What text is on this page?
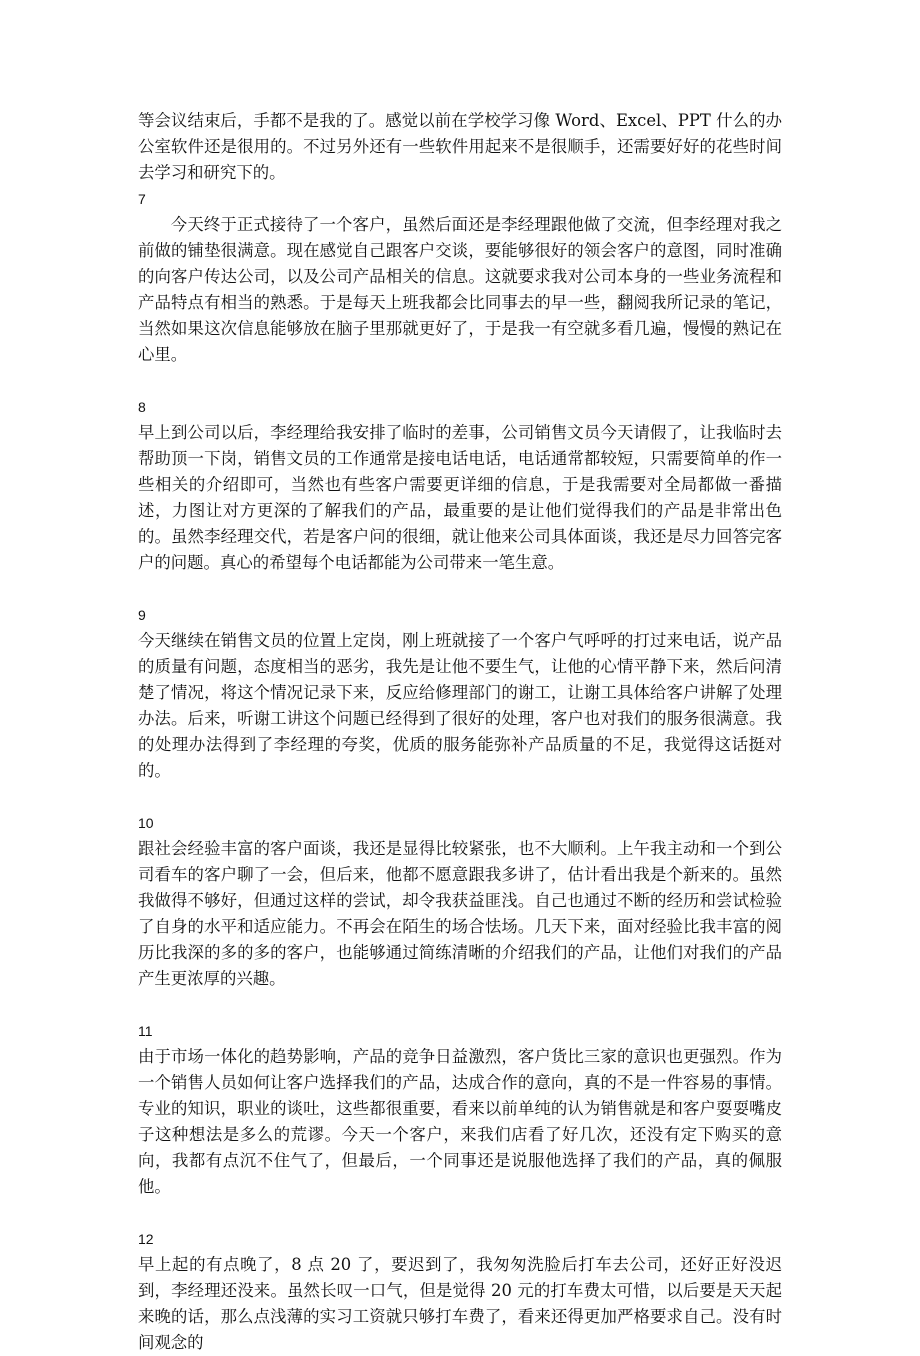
等会议结束后，手都不是我的了。感觉以前在学校学习像 Word、Excel、PPT 什么的办公室软件还是很用的。不过另外还有一些软件用起来不是很顺手，还需要好好的花些时间去学习和研究下的。

7

今天终于正式接待了一个客户，虽然后面还是李经理跟他做了交流，但李经理对我之前做的铺垫很满意。现在感觉自己跟客户交谈，要能够很好的领会客户的意图，同时准确的向客户传达公司，以及公司产品相关的信息。这就要求我对公司本身的一些业务流程和产品特点有相当的熟悉。于是每天上班我都会比同事去的早一些，翻阅我所记录的笔记，当然如果这次信息能够放在脑子里那就更好了，于是我一有空就多看几遍，慢慢的熟记在心里。

8

早上到公司以后，李经理给我安排了临时的差事，公司销售文员今天请假了，让我临时去帮助顶一下岗，销售文员的工作通常是接电话电话，电话通常都较短，只需要简单的作一些相关的介绍即可，当然也有些客户需要更详细的信息，于是我需要对全局都做一番描述，力图让对方更深的了解我们的产品，最重要的是让他们觉得我们的产品是非常出色的。虽然李经理交代，若是客户问的很细，就让他来公司具体面谈，我还是尽力回答完客户的问题。真心的希望每个电话都能为公司带来一笔生意。

9

今天继续在销售文员的位置上定岗，刚上班就接了一个客户气呼呼的打过来电话，说产品的质量有问题，态度相当的恶劣，我先是让他不要生气，让他的心情平静下来，然后问清楚了情况，将这个情况记录下来，反应给修理部门的谢工，让谢工具体给客户讲解了处理办法。后来，听谢工讲这个问题已经得到了很好的处理，客户也对我们的服务很满意。我的处理办法得到了李经理的夸奖，优质的服务能弥补产品质量的不足，我觉得这话挺对的。

10

跟社会经验丰富的客户面谈，我还是显得比较紧张，也不大顺利。上午我主动和一个到公司看车的客户聊了一会，但后来，他都不愿意跟我多讲了，估计看出我是个新来的。虽然我做得不够好，但通过这样的尝试，却令我获益匪浅。自己也通过不断的经历和尝试检验了自身的水平和适应能力。不再会在陌生的场合怯场。几天下来，面对经验比我丰富的阅历比我深的多的多的客户，也能够通过简练清晰的介绍我们的产品，让他们对我们的产品产生更浓厚的兴趣。

11

由于市场一体化的趋势影响，产品的竞争日益激烈，客户货比三家的意识也更强烈。作为一个销售人员如何让客户选择我们的产品，达成合作的意向，真的不是一件容易的事情。专业的知识，职业的谈吐，这些都很重要，看来以前单纯的认为销售就是和客户耍耍嘴皮子这种想法是多么的荒谬。今天一个客户，来我们店看了好几次，还没有定下购买的意向，我都有点沉不住气了，但最后，一个同事还是说服他选择了我们的产品，真的佩服他。

12

早上起的有点晚了，8 点 20 了，要迟到了，我匆匆洗脸后打车去公司，还好正好没迟到，李经理还没来。虽然长叹一口气，但是觉得 20 元的打车费太可惜，以后要是天天起来晚的话，那么点浅薄的实习工资就只够打车费了，看来还得更加严格要求自己。没有时间观念的
